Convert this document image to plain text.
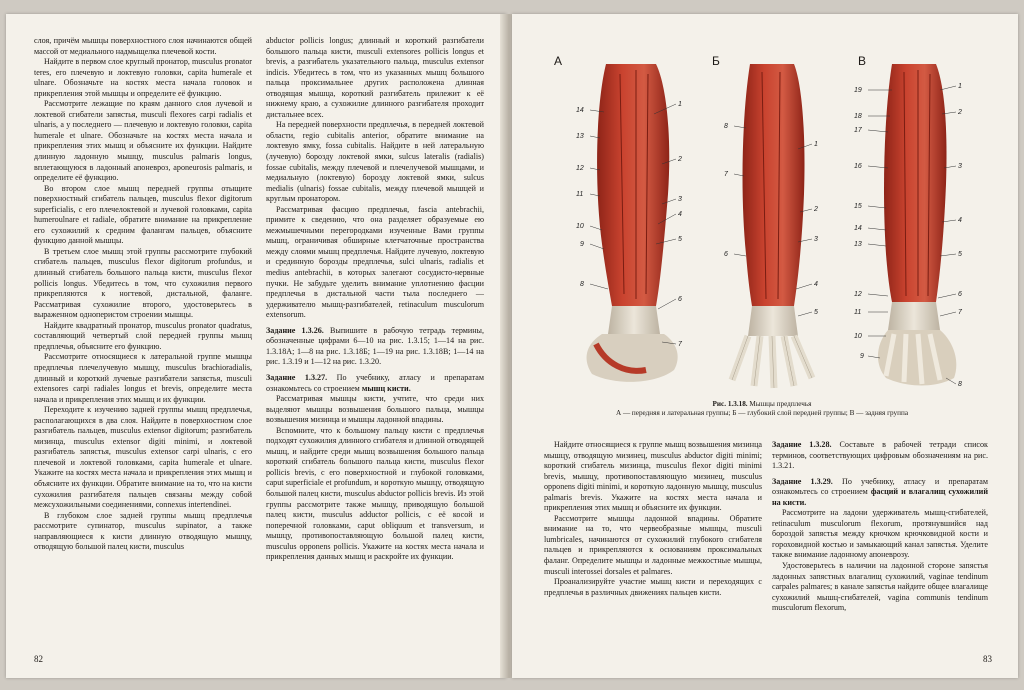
слоя, причём мышцы поверхностного слоя начинаются общей массой от медиального надмыщелка плечевой кости.

Найдите в первом слое круглый пронатор, musculus pronator teres, его плечевую и локтевую головки, capita humerale et ulnare. Обозначьте на костях места начала головок и прикрепления этой мышцы и определите её функцию.

Рассмотрите лежащие по краям данного слоя лучевой и локтевой сгибатели запястья, musculi flexores carpi radialis et ulnaris, а у последнего — плечевую и локтевую головки, capita humerale et ulnare. Обозначьте на костях места начала и прикрепления этих мышц и объясните их функции. Найдите длинную ладонную мышцу, musculus palmaris longus, вплетающуюся в ладонный апоневроз, aponeurosis palmaris, и определите её функцию.

Во втором слое мышц передней группы отыщите поверхностный сгибатель пальцев, musculus flexor digitorum superficialis, с его плечелоктевой и лучевой головками, capita humeroulnare et radiale, обратите внимание на прикрепление его сухожилий к средним фалангам пальцев, объясните функцию данной мышцы.

В третьем слое мышц этой группы рассмотрите глубокий сгибатель пальцев, musculus flexor digitorum profundus, и длинный сгибатель большого пальца кисти, musculus flexor pollicis longus. Убедитесь в том, что сухожилия первого прикрепляются к ногтевой, дистальной, фаланге. Рассматривая сухожилие второго, удостоверьтесь в выраженном одноперистом строении мышцы.

Найдите квадратный пронатор, musculus pronator quadratus, составляющий четвертый слой передней группы мышц предплечья, объясните его функцию.

Рассмотрите относящиеся к латеральной группе мышцы предплечья плечелучевую мышцу, musculus brachioradialis, длинный и короткий лучевые разгибатели запястья, musculi extensores carpi radiales longus et brevis, определите места начала и прикрепления этих мышц и их функции.

Переходите к изучению задней группы мышц предплечья, располагающихся в два слоя. Найдите в поверхностном слое разгибатель пальцев, musculus extensor digitorum; разгибатель мизинца, musculus extensor digiti minimi, и локтевой разгибатель запястья, musculus extensor carpi ulnaris, с его плечевой и локтевой головками, capita humerale et ulnare. Укажите на костях места начала и прикрепления этих мышц и объясните их функции. Обратите внимание на то, что на кисти сухожилия разгибателя пальцев связаны между собой межсухожильными соединениями, connexus intertendinei.

В глубоком слое задней группы мышц предплечья рассмотрите супинатор, musculus supinator, а также направляющиеся к кисти длинную отводящую мышцу, отводящую большой палец кисти, musculus

abductor pollicis longus; длинный и короткий разгибатели большого пальца кисти, musculi extensores pollicis longus et brevis, а разгибатель указательного пальца, musculus extensor indicis. Убедитесь в том, что из указанных мышц большого пальца проксимальнее других расположена длинная отводящая мышца, короткий разгибатель прилежит к её нижнему краю, а сухожилие длинного разгибателя проходит дистальнее всех.

На передней поверхности предплечья, в передней локтевой области, regio cubitalis anterior, обратите внимание на локтевую ямку, fossa cubitalis. Найдите в ней латеральную (лучевую) борозду локтевой ямки, sulcus lateralis (radialis) fossae cubitalis, между плечевой и плечелучевой мышцами, и медиальную (локтевую) борозду локтевой ямки, sulcus medialis (ulnaris) fossae cubitalis, между плечевой мышцей и круглым пронатором.

Рассматривая фасцию предплечья, fascia antebrachii, примите к сведению, что она разделяет образуемые ею межмышечными перегородками изученные Вами группы мышц, ограничивая обширные клетчаточные пространства между слоями мышц предплечья. Найдите лучевую, локтевую и срединную борозды предплечья, sulci ulnaris, radialis et medius antebrachii, в которых залегают сосудисто-нервные пучки. Не забудьте уделить внимание уплотнению фасции предплечья в дистальной части тыла последнего — удерживателю мышц-разгибателей, retinaculum musculorum extensorum.

Задание 1.3.26. Выпишите в рабочую тетрадь термины, обозначенные цифрами 6—10 на рис. 1.3.15; 1—14 на рис. 1.3.18А; 1—8 на рис. 1.3.18Б; 1—19 на рис. 1.3.18В; 1—14 на рис. 1.3.19 и 1—12 на рис. 1.3.20.

Задание 1.3.27. По учебнику, атласу и препаратам ознакомьтесь со строением мышц кисти.

Рассматривая мышцы кисти, учтите, что среди них выделяют мышцы возвышения большого пальца, мышцы возвышения мизинца и мышцы ладонной впадины.

Вспомните, что к большому пальцу кисти с предплечья подходят сухожилия длинного сгибателя и длинной отводящей мышц, и найдите среди мышц возвышения большого пальца короткий сгибатель большого пальца кисти, musculus flexor pollicis brevis, с его поверхностной и глубокой головками, caput superficiale et profundum, и короткую мышцу, отводящую большой палец кисти, musculus abductor pollicis brevis. Из этой группы рассмотрите также мышцу, приводящую большой палец кисти, musculus adductor pollicis, с её косой и поперечной головками, caput obliquum et transversum, и мышцу, противопоставляющую большой палец кисти, musculus opponens pollicis. Укажите на костях места начала и прикрепления данных мышц и раскройте их функции.

82
А	Б	В
1
2
3
4
5
6
7
8
9
10
11
12
13
14
1
2
3
4
5
6
7
8
1
2
3
4
5
6
7
8
9
10
11
12
13
14
15
16
17
18
19
Рис. 1.3.18. Мышцы предплечья
А — передняя и латеральная группы; Б — глубокий слой передней группы; В — задняя группа

Найдите относящиеся к группе мышц возвышения мизинца мышцу, отводящую мизинец, musculus abductor digiti minimi; короткий сгибатель мизинца, musculus flexor digiti minimi brevis, мышцу, противопоставляющую мизинец, musculus opponens digiti minimi, и короткую ладонную мышцу, musculus palmaris brevis. Укажите на костях места начала и прикрепления этих мышц и объясните их функции.

Рассмотрите мышцы ладонной впадины. Обратите внимание на то, что червеобразные мышцы, musculi lumbricales, начинаются от сухожилий глубокого сгибателя пальцев и прикрепляются к основаниям проксимальных фаланг. Определите мышцы и ладонные межкостные мышцы, musculi interossei dorsales et palmares.

Проанализируйте участие мышц кисти и переходящих с предплечья в различных движениях пальцев кисти.

Задание 1.3.28. Составьте в рабочей тетради список терминов, соответствующих цифровым обозначениям на рис. 1.3.21.

Задание 1.3.29. По учебнику, атласу и препаратам ознакомьтесь со строением фасций и влагалищ сухожилий на кисти.

Рассмотрите на ладони удерживатель мышц-сгибателей, retinaculum musculorum flexorum, протянувшийся над бороздой запястья между крючком крючковидной кости и гороховидной костью и замыкающий канал запястья. Уделите также внимание ладонному апоневрозу.

Удостоверьтесь в наличии на ладонной стороне запястья ладонных запястных влагалищ сухожилий, vaginae tendinum carpales palmares; в канале запястья найдите общее влагалище сухожилий мышц-сгибателей, vagina communis tendinum musculorum flexorum,

83
